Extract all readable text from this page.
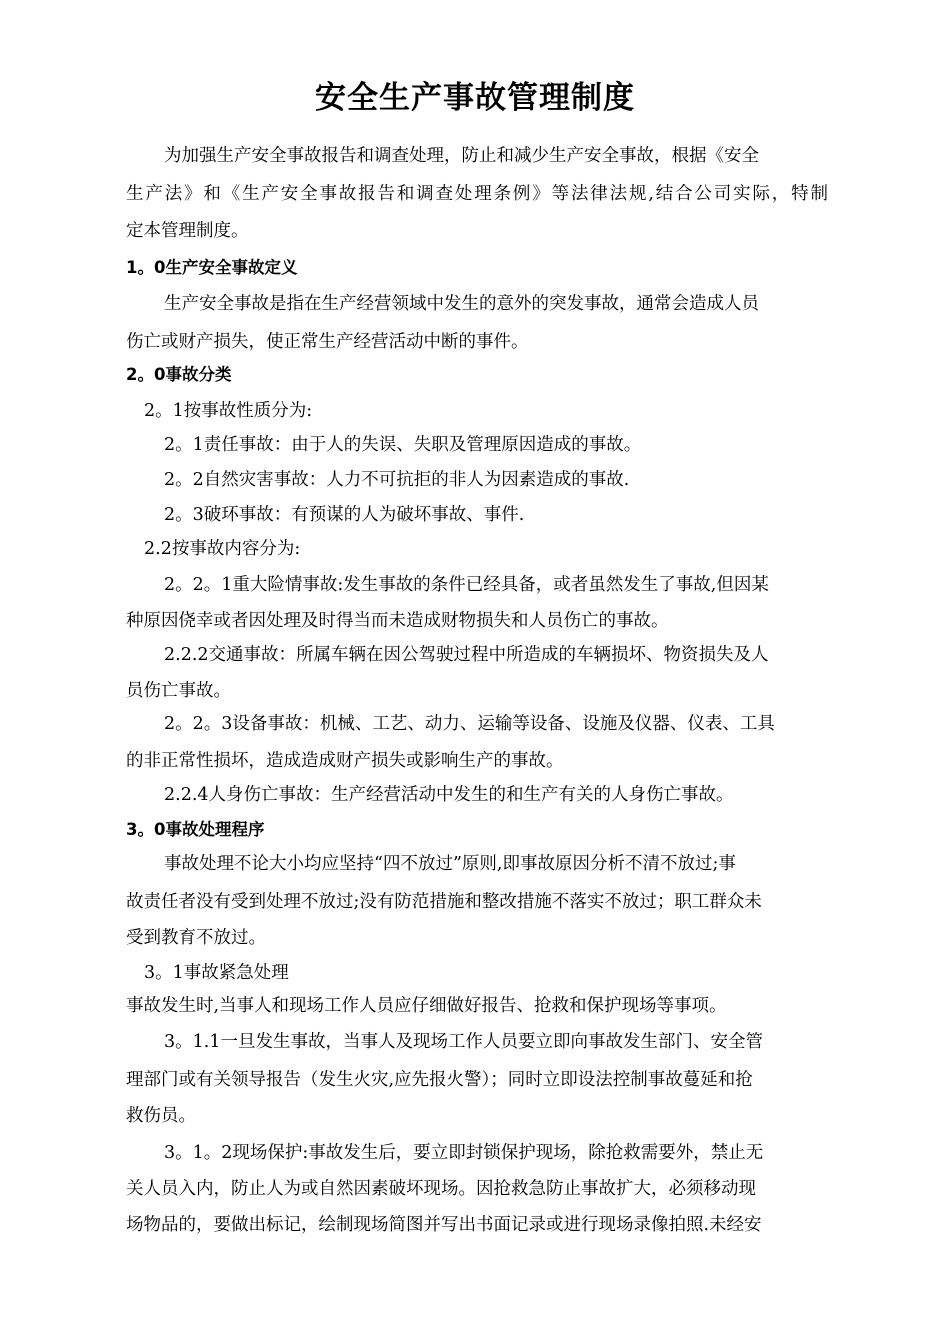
安全生产事故管理制度
为加强生产安全事故报告和调查处理，防止和减少生产安全事故，根据《安全
生产法》和《生产安全事故报告和调查处理条例》等法律法规,结合公司实际，特制
定本管理制度。
1。0生产安全事故定义
生产安全事故是指在生产经营领域中发生的意外的突发事故，通常会造成人员
伤亡或财产损失，使正常生产经营活动中断的事件。
2。0事故分类
2。1按事故性质分为:
2。1责任事故：由于人的失误、失职及管理原因造成的事故。
2。2自然灾害事故：人力不可抗拒的非人为因素造成的事故.
2。3破环事故：有预谋的人为破坏事故、事件.
2.2按事故内容分为:
2。2。1重大险情事故:发生事故的条件已经具备，或者虽然发生了事故,但因某
种原因侥幸或者因处理及时得当而未造成财物损失和人员伤亡的事故。
2.2.2交通事故：所属车辆在因公驾驶过程中所造成的车辆损坏、物资损失及人
员伤亡事故。
2。2。3设备事故：机械、工艺、动力、运输等设备、设施及仪器、仪表、工具
的非正常性损坏，造成造成财产损失或影响生产的事故。
2.2.4人身伤亡事故：生产经营活动中发生的和生产有关的人身伤亡事故。
3。0事故处理程序
事故处理不论大小均应坚持“四不放过”原则,即事故原因分析不清不放过;事
故责任者没有受到处理不放过;没有防范措施和整改措施不落实不放过；职工群众未
受到教育不放过。
3。1事故紧急处理
事故发生时,当事人和现场工作人员应仔细做好报告、抢救和保护现场等事项。
3。1.1一旦发生事故，当事人及现场工作人员要立即向事故发生部门、安全管
理部门或有关领导报告（发生火灾,应先报火警）；同时立即设法控制事故蔓延和抢
救伤员。
3。1。2现场保护:事故发生后，要立即封锁保护现场，除抢救需要外，禁止无
关人员入内，防止人为或自然因素破坏现场。因抢救急防止事故扩大，必须移动现
场物品的，要做出标记，绘制现场简图并写出书面记录或进行现场录像拍照.未经安
